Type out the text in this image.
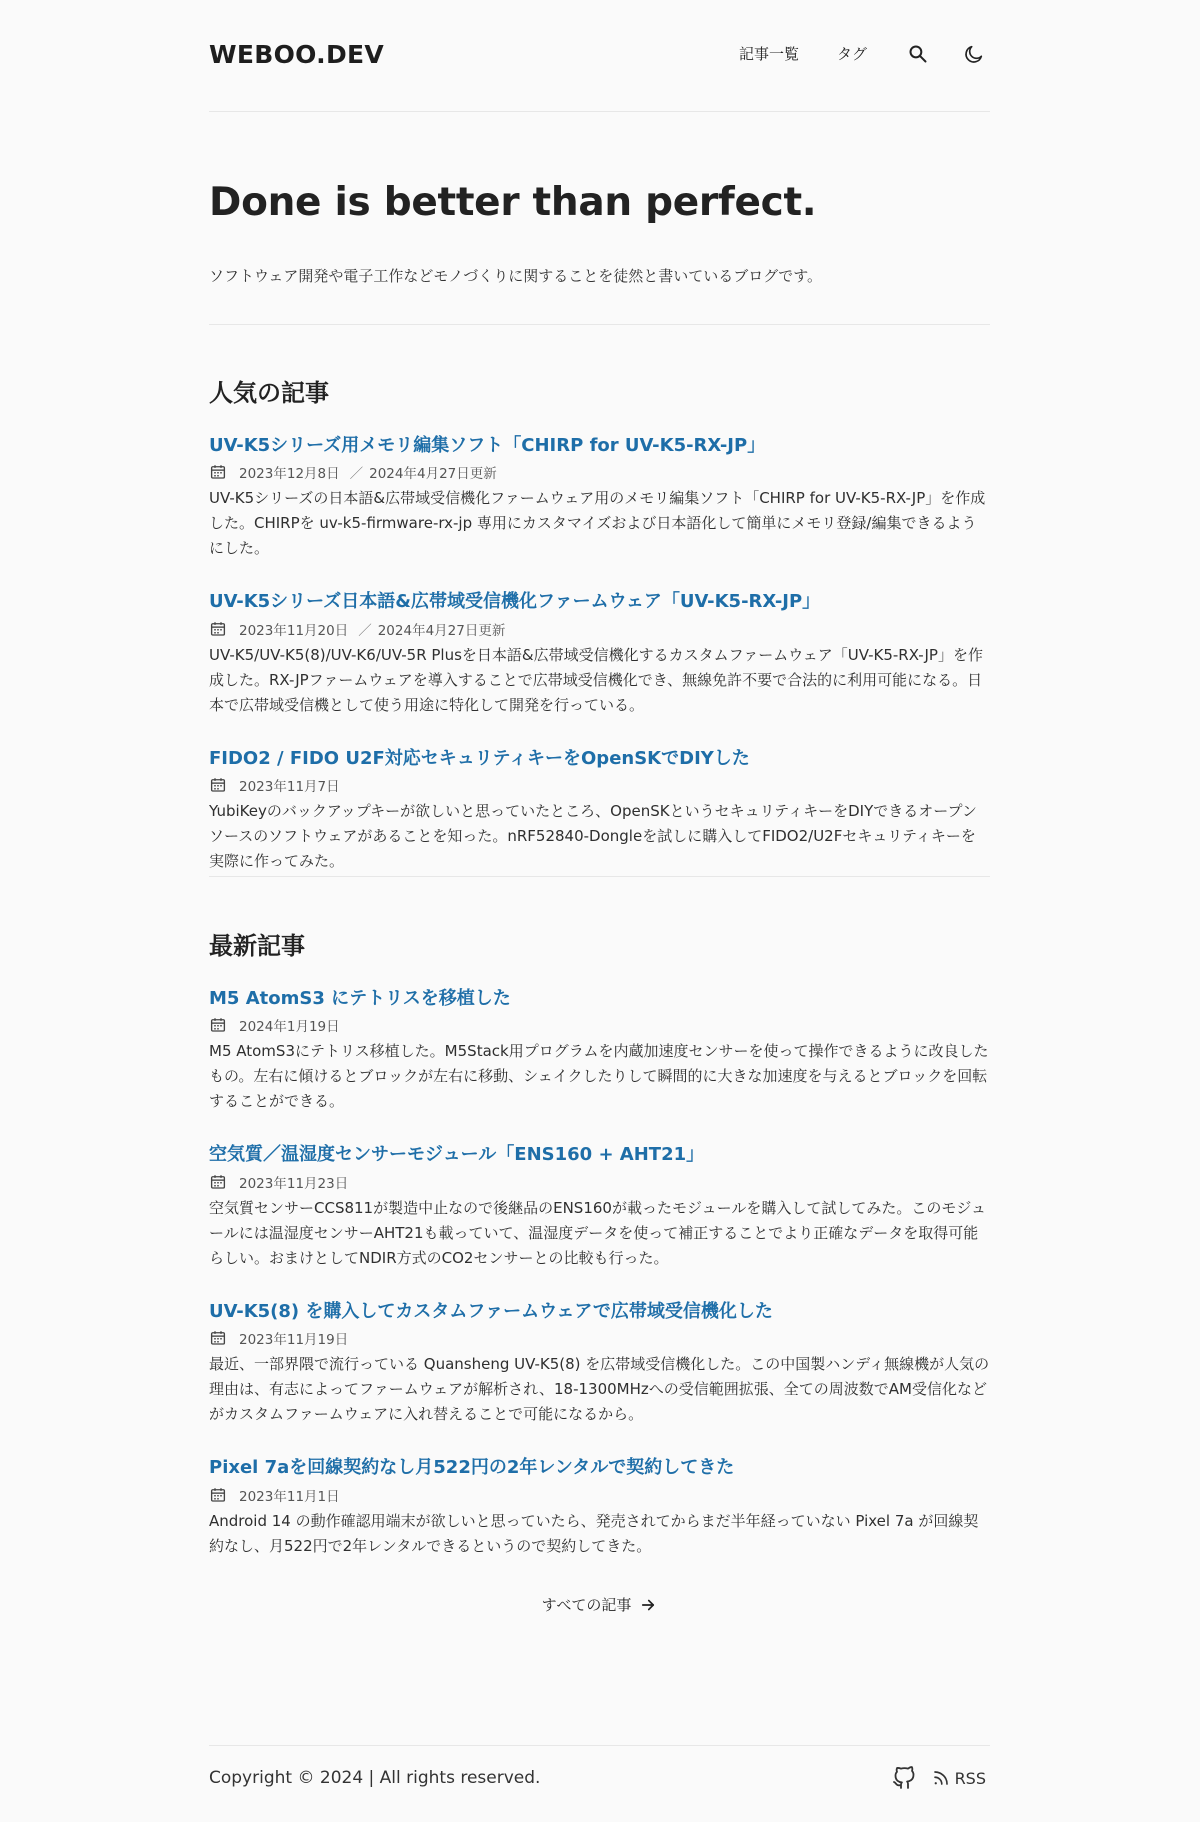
WEBOO.DEV	記事一覧	タグ
Done is better than perfect.

ソフトウェア開発や電子工作などモノづくりに関することを徒然と書いているブログです。

人気の記事
UV-K5シリーズ用メモリ編集ソフト「CHIRP for UV-K5-RX-JP」
2023年12月8日 ／ 2024年4月27日更新

UV-K5シリーズの日本語&広帯域受信機化ファームウェア用のメモリ編集ソフト「CHIRP for UV-K5-RX-JP」を作成した。CHIRPを uv-k5-firmware-rx-jp 専用にカスタマイズおよび日本語化して簡単にメモリ登録/編集できるようにした。

UV-K5シリーズ日本語&広帯域受信機化ファームウェア「UV-K5-RX-JP」
2023年11月20日 ／ 2024年4月27日更新

UV-K5/UV-K5(8)/UV-K6/UV-5R Plusを日本語&広帯域受信機化するカスタムファームウェア「UV-K5-RX-JP」を作成した。RX-JPファームウェアを導入することで広帯域受信機化でき、無線免許不要で合法的に利用可能になる。日本で広帯域受信機として使う用途に特化して開発を行っている。

FIDO2 / FIDO U2F対応セキュリティキーをOpenSKでDIYした
2023年11月7日

YubiKeyのバックアップキーが欲しいと思っていたところ、OpenSKというセキュリティキーをDIYできるオープンソースのソフトウェアがあることを知った。nRF52840-Dongleを試しに購入してFIDO2/U2Fセキュリティキーを実際に作ってみた。

最新記事
M5 AtomS3 にテトリスを移植した
2024年1月19日

M5 AtomS3にテトリス移植した。M5Stack用プログラムを内蔵加速度センサーを使って操作できるように改良したもの。左右に傾けるとブロックが左右に移動、シェイクしたりして瞬間的に大きな加速度を与えるとブロックを回転することができる。

空気質／温湿度センサーモジュール「ENS160 + AHT21」
2023年11月23日

空気質センサーCCS811が製造中止なので後継品のENS160が載ったモジュールを購入して試してみた。このモジュールには温湿度センサーAHT21も載っていて、温湿度データを使って補正することでより正確なデータを取得可能らしい。おまけとしてNDIR方式のCO2センサーとの比較も行った。

UV-K5(8) を購入してカスタムファームウェアで広帯域受信機化した
2023年11月19日

最近、一部界隈で流行っている Quansheng UV-K5(8) を広帯域受信機化した。この中国製ハンディ無線機が人気の理由は、有志によってファームウェアが解析され、18-1300MHzへの受信範囲拡張、全ての周波数でAM受信化などがカスタムファームウェアに入れ替えることで可能になるから。

Pixel 7aを回線契約なし月522円の2年レンタルで契約してきた
2023年11月1日

Android 14 の動作確認用端末が欲しいと思っていたら、発売されてからまだ半年経っていない Pixel 7a が回線契約なし、月522円で2年レンタルできるというので契約してきた。

すべての記事
Copyright © 2024 | All rights reserved.	RSS
